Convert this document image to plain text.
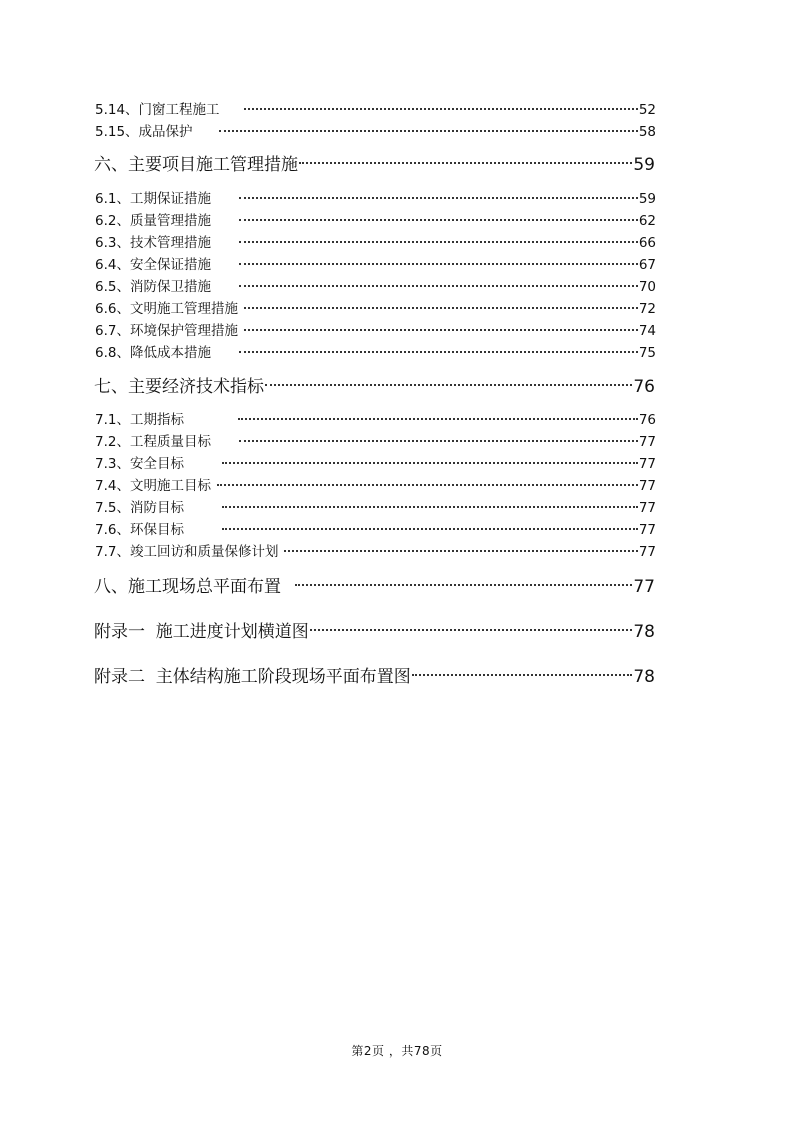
5.14、门窗工程施工	52
5.15、成品保护	58
六、主要项目施工管理措施	59
6.1、工期保证措施	59
6.2、质量管理措施	62
6.3、技术管理措施	66
6.4、安全保证措施	67
6.5、消防保卫措施	70
6.6、文明施工管理措施	72
6.7、环境保护管理措施	74
6.8、降低成本措施	75
七、主要经济技术指标	76
7.1、工期指标	76
7.2、工程质量目标	77
7.3、安全目标	77
7.4、文明施工目标	77
7.5、消防目标	77
7.6、环保目标	77
7.7、竣工回访和质量保修计划	77
八、施工现场总平面布置	77
附录一  施工进度计划横道图	78
附录二  主体结构施工阶段现场平面布置图	78
第2页 ，共78页
